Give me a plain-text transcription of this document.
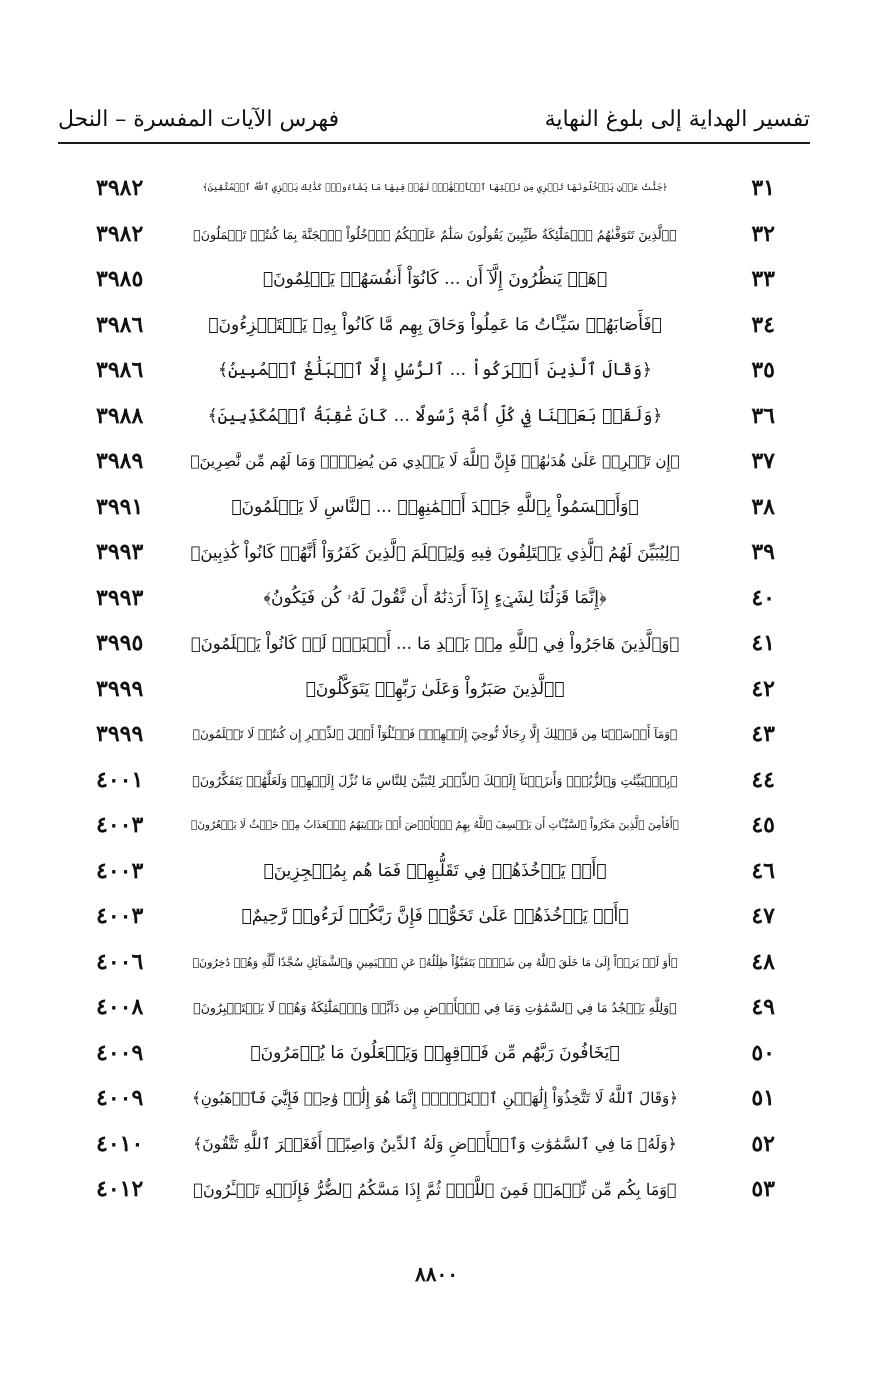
تفسير الهداية إلى بلوغ النهاية
فهرس الآيات المفسرة – النحل
٣١
﴿جَنَّٰتُ عَدۡنٖ يَدۡخُلُونَهَا تَجۡرِي مِن تَحۡتِهَا ٱلۡأَنۡهَٰرُۖ لَهُمۡ فِيهَا مَا يَشَآءُونَۚ كَذَٰلِكَ يَجۡزِي ٱللَّهُ ٱلۡمُتَّقِينَ﴾
٣٩٨٢
٣٢
﴿ٱلَّذِينَ تَتَوَفَّىٰهُمُ ٱلۡمَلَٰٓئِكَةُ طَيِّبِينَ يَقُولُونَ سَلَٰمٌ عَلَيۡكُمُ ٱدۡخُلُواْ ٱلۡجَنَّةَ بِمَا كُنتُمۡ تَعۡمَلُونَ﴾
٣٩٨٢
٣٣
﴿هَلۡ يَنظُرُونَ إِلَّآ أَن ... كَانُوٓاْ أَنفُسَهُمۡ يَظۡلِمُونَ﴾
٣٩٨٥
٣٤
﴿فَأَصَابَهُمۡ سَيِّـَٔاتُ مَا عَمِلُواْ وَحَاقَ بِهِم مَّا كَانُواْ بِهِۦ يَسۡتَهۡزِءُونَ﴾
٣٩٨٦
٣٥
﴿وَقَالَ ٱلَّذِينَ أَشۡرَكُواْ ... ٱلرُّسُلِ إِلَّا ٱلۡبَلَٰغُ ٱلۡمُبِينُ﴾
٣٩٨٦
٣٦
﴿وَلَقَدۡ بَعَثۡنَا فِي كُلِّ أُمَّةٖ رَّسُولًا ... كَانَ عَٰقِبَةُ ٱلۡمُكَذِّبِينَ﴾
٣٩٨٨
٣٧
﴿إِن تَحۡرِصۡ عَلَىٰ هُدَىٰهُمۡ فَإِنَّ ٱللَّهَ لَا يَهۡدِي مَن يُضِلُّۖ وَمَا لَهُم مِّن نَّٰصِرِينَ﴾
٣٩٨٩
٣٨
﴿وَأَقۡسَمُواْ بِٱللَّهِ جَهۡدَ أَيۡمَٰنِهِمۡ ... ٱلنَّاسِ لَا يَعۡلَمُونَ﴾
٣٩٩١
٣٩
﴿لِيُبَيِّنَ لَهُمُ ٱلَّذِي يَخۡتَلِفُونَ فِيهِ وَلِيَعۡلَمَ ٱلَّذِينَ كَفَرُوٓاْ أَنَّهُمۡ كَانُواْ كَٰذِبِينَ﴾
٣٩٩٣
٤٠
﴿إِنَّمَا قَوۡلُنَا لِشَيۡءٍ إِذَآ أَرَدۡنَٰهُ أَن نَّقُولَ لَهُۥ كُن فَيَكُونُ﴾
٣٩٩٣
٤١
﴿وَٱلَّذِينَ هَاجَرُواْ فِي ٱللَّهِ مِنۢ بَعۡدِ مَا ... أَكۡبَرُۚ لَوۡ كَانُواْ يَعۡلَمُونَ﴾
٣٩٩٥
٤٢
﴿ٱلَّذِينَ صَبَرُواْ وَعَلَىٰ رَبِّهِمۡ يَتَوَكَّلُونَ﴾
٣٩٩٩
٤٣
﴿وَمَآ أَرۡسَلۡنَا مِن قَبۡلِكَ إِلَّا رِجَالٗا نُّوحِيٓ إِلَيۡهِمۡۖ فَسۡـَٔلُوٓاْ أَهۡلَ ٱلذِّكۡرِ إِن كُنتُمۡ لَا تَعۡلَمُونَ﴾
٣٩٩٩
٤٤
﴿بِٱلۡبَيِّنَٰتِ وَٱلزُّبُرِۗ وَأَنزَلۡنَآ إِلَيۡكَ ٱلذِّكۡرَ لِتُبَيِّنَ لِلنَّاسِ مَا نُزِّلَ إِلَيۡهِمۡ وَلَعَلَّهُمۡ يَتَفَكَّرُونَ﴾
٤٠٠١
٤٥
﴿أَفَأَمِنَ ٱلَّذِينَ مَكَرُواْ ٱلسَّيِّـَٔاتِ أَن يَخۡسِفَ ٱللَّهُ بِهِمُ ٱلۡأَرۡضَ أَوۡ يَأۡتِيَهُمُ ٱلۡعَذَابُ مِنۡ حَيۡثُ لَا يَشۡعُرُونَ﴾
٤٠٠٣
٤٦
﴿أَوۡ يَأۡخُذَهُمۡ فِي تَقَلُّبِهِمۡ فَمَا هُم بِمُعۡجِزِينَ﴾
٤٠٠٣
٤٧
﴿أَوۡ يَأۡخُذَهُمۡ عَلَىٰ تَخَوُّفٖ فَإِنَّ رَبَّكُمۡ لَرَءُوفٞ رَّحِيمٌ﴾
٤٠٠٣
٤٨
﴿أَوَ لَمۡ يَرَوۡاْ إِلَىٰ مَا خَلَقَ ٱللَّهُ مِن شَيۡءٖ يَتَفَيَّؤُاْ ظِلَٰلُهُۥ عَنِ ٱلۡيَمِينِ وَٱلشَّمَآئِلِ سُجَّدٗا لِّلَّهِ وَهُمۡ دَٰخِرُونَ﴾
٤٠٠٦
٤٩
﴿وَلِلَّهِ يَسۡجُدُ مَا فِي ٱلسَّمَٰوَٰتِ وَمَا فِي ٱلۡأَرۡضِ مِن دَآبَّةٖ وَٱلۡمَلَٰٓئِكَةُ وَهُمۡ لَا يَسۡتَكۡبِرُونَ﴾
٤٠٠٨
٥٠
﴿يَخَافُونَ رَبَّهُم مِّن فَوۡقِهِمۡ وَيَفۡعَلُونَ مَا يُؤۡمَرُونَ﴾
٤٠٠٩
٥١
﴿وَقَالَ ٱللَّهُ لَا تَتَّخِذُوٓاْ إِلَٰهَيۡنِ ٱثۡنَيۡنِۖ إِنَّمَا هُوَ إِلَٰهٞ وَٰحِدٞ فَإِيَّٰيَ فَٱرۡهَبُونِ﴾
٤٠٠٩
٥٢
﴿وَلَهُۥ مَا فِي ٱلسَّمَٰوَٰتِ وَٱلۡأَرۡضِ وَلَهُ ٱلدِّينُ وَاصِبًاۚ أَفَغَيۡرَ ٱللَّهِ تَتَّقُونَ﴾
٤٠١٠
٥٣
﴿وَمَا بِكُم مِّن نِّعۡمَةٖ فَمِنَ ٱللَّهِۖ ثُمَّ إِذَا مَسَّكُمُ ٱلضُّرُّ فَإِلَيۡهِ تَجۡـَٔرُونَ﴾
٤٠١٢
٨٨٠٠
